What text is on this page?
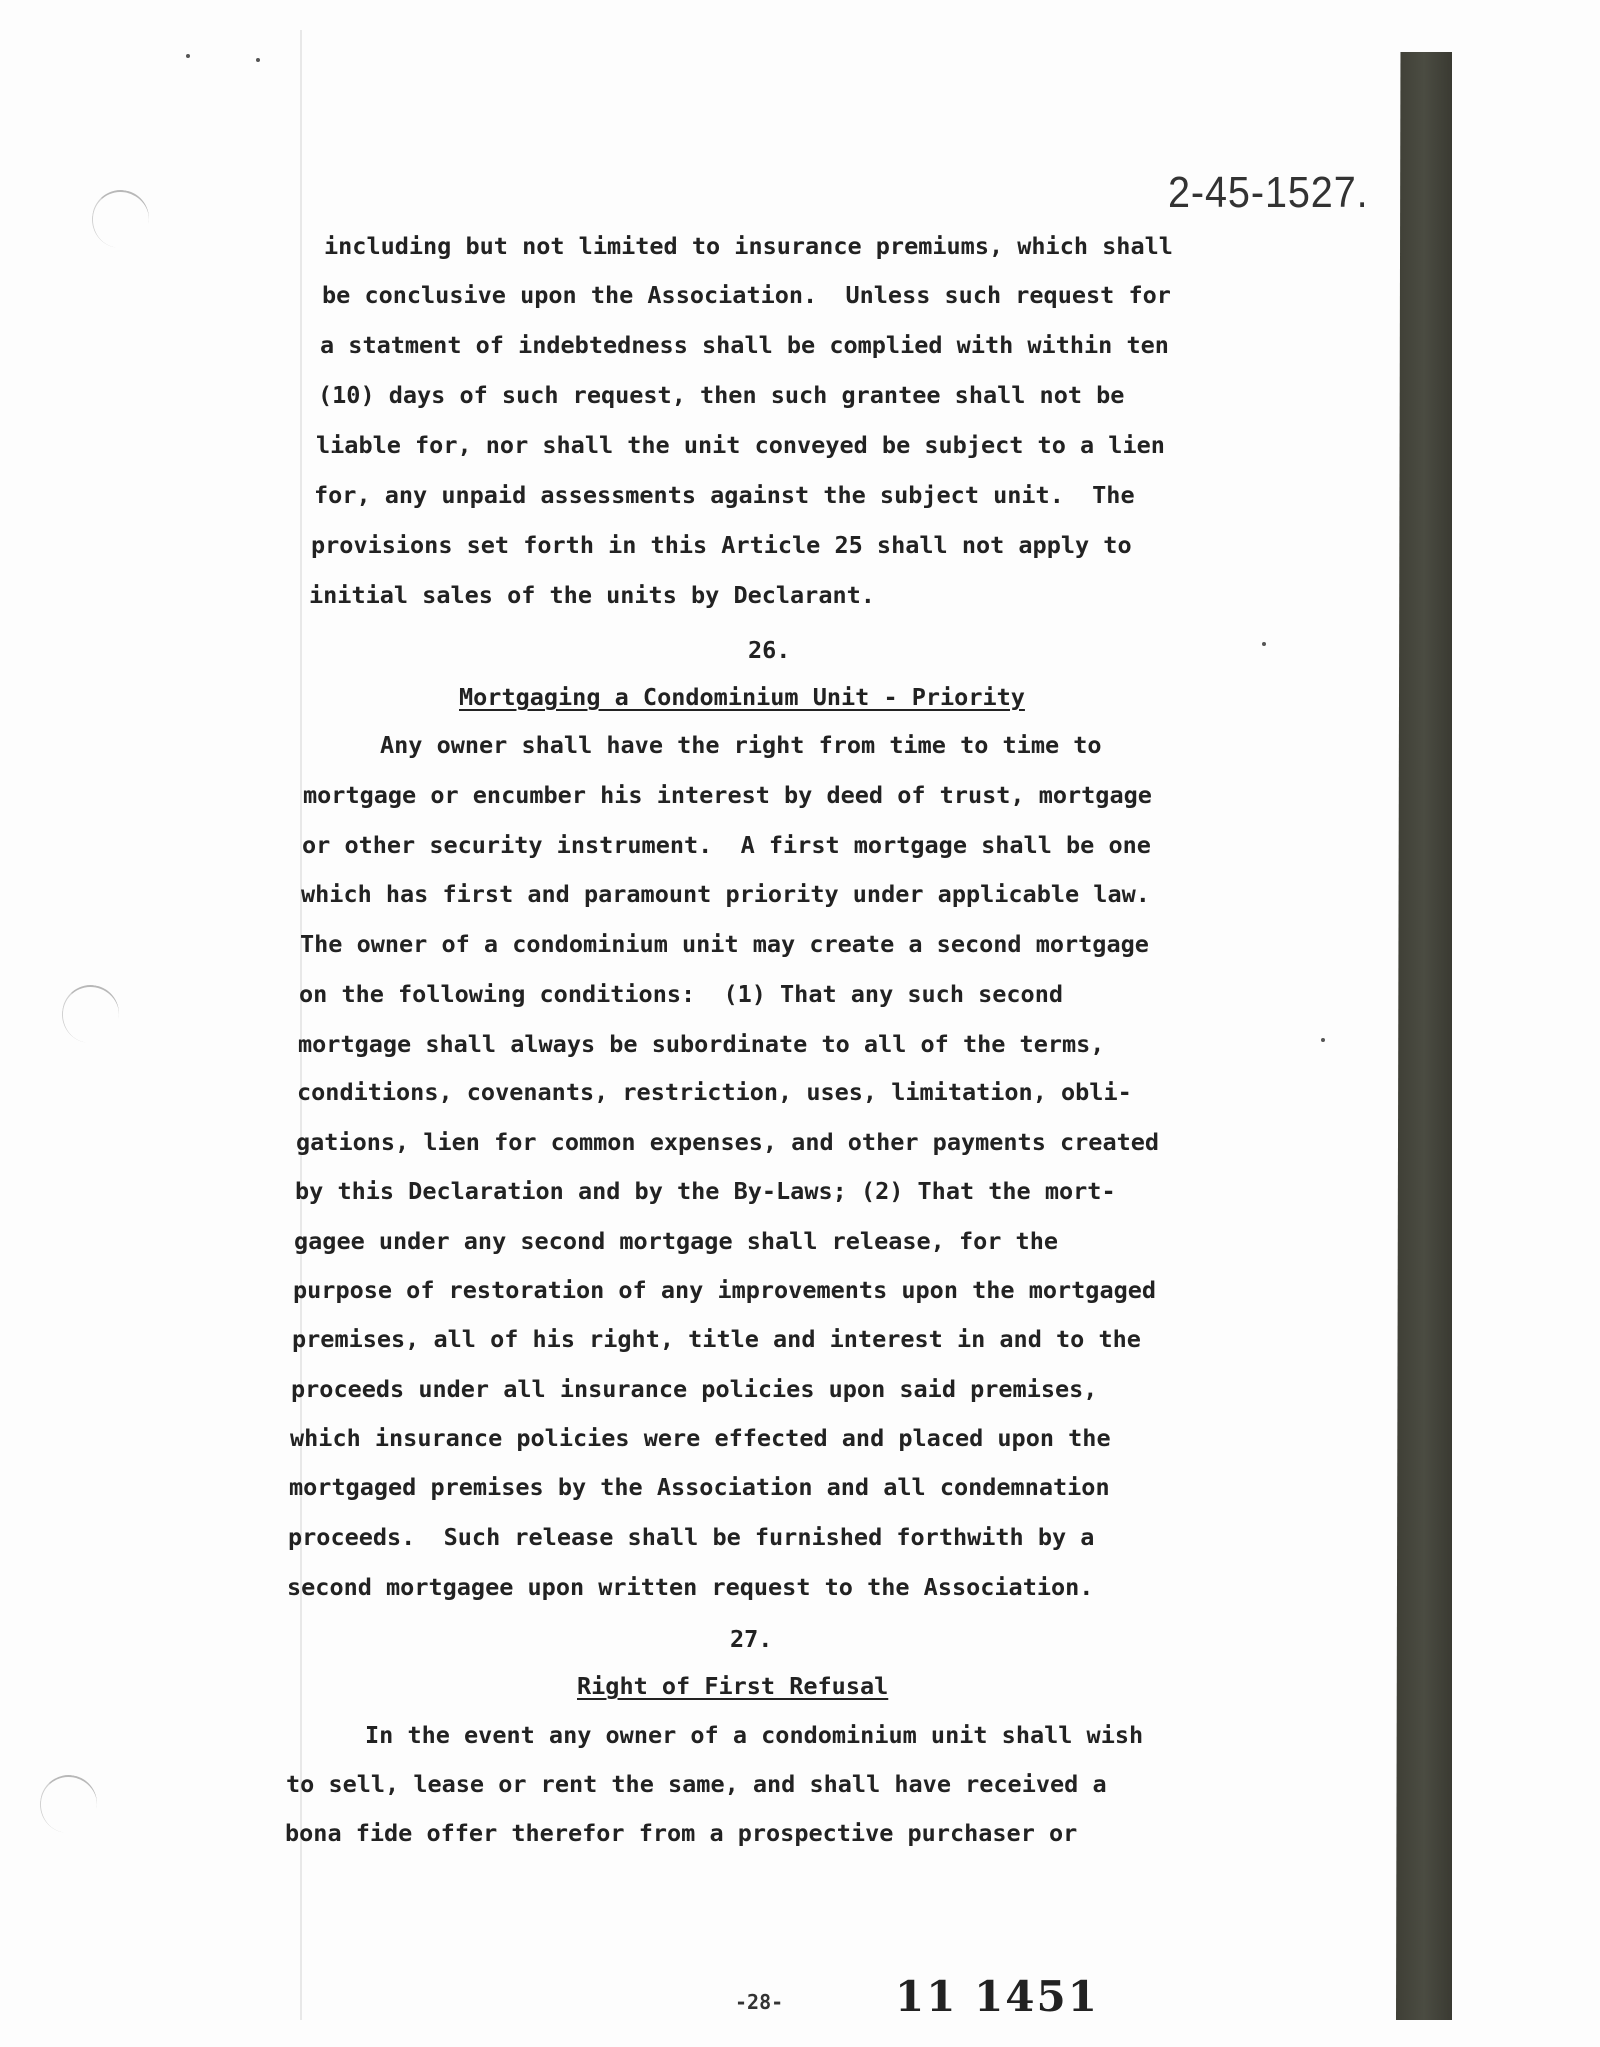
2-45-1527.
including but not limited to insurance premiums, which shall
be conclusive upon the Association.  Unless such request for
a statment of indebtedness shall be complied with within ten
(10) days of such request, then such grantee shall not be
liable for, nor shall the unit conveyed be subject to a lien
for, any unpaid assessments against the subject unit.  The
provisions set forth in this Article 25 shall not apply to
initial sales of the units by Declarant.
26.
Mortgaging a Condominium Unit - Priority
Any owner shall have the right from time to time to
mortgage or encumber his interest by deed of trust, mortgage
or other security instrument.  A first mortgage shall be one
which has first and paramount priority under applicable law.
The owner of a condominium unit may create a second mortgage
on the following conditions:  (1) That any such second
mortgage shall always be subordinate to all of the terms,
conditions, covenants, restriction, uses, limitation, obli-
gations, lien for common expenses, and other payments created
by this Declaration and by the By-Laws; (2) That the mort-
gagee under any second mortgage shall release, for the
purpose of restoration of any improvements upon the mortgaged
premises, all of his right, title and interest in and to the
proceeds under all insurance policies upon said premises,
which insurance policies were effected and placed upon the
mortgaged premises by the Association and all condemnation
proceeds.  Such release shall be furnished forthwith by a
second mortgagee upon written request to the Association.
27.
Right of First Refusal
In the event any owner of a condominium unit shall wish
to sell, lease or rent the same, and shall have received a
bona fide offer therefor from a prospective purchaser or
-28-	11 1451
